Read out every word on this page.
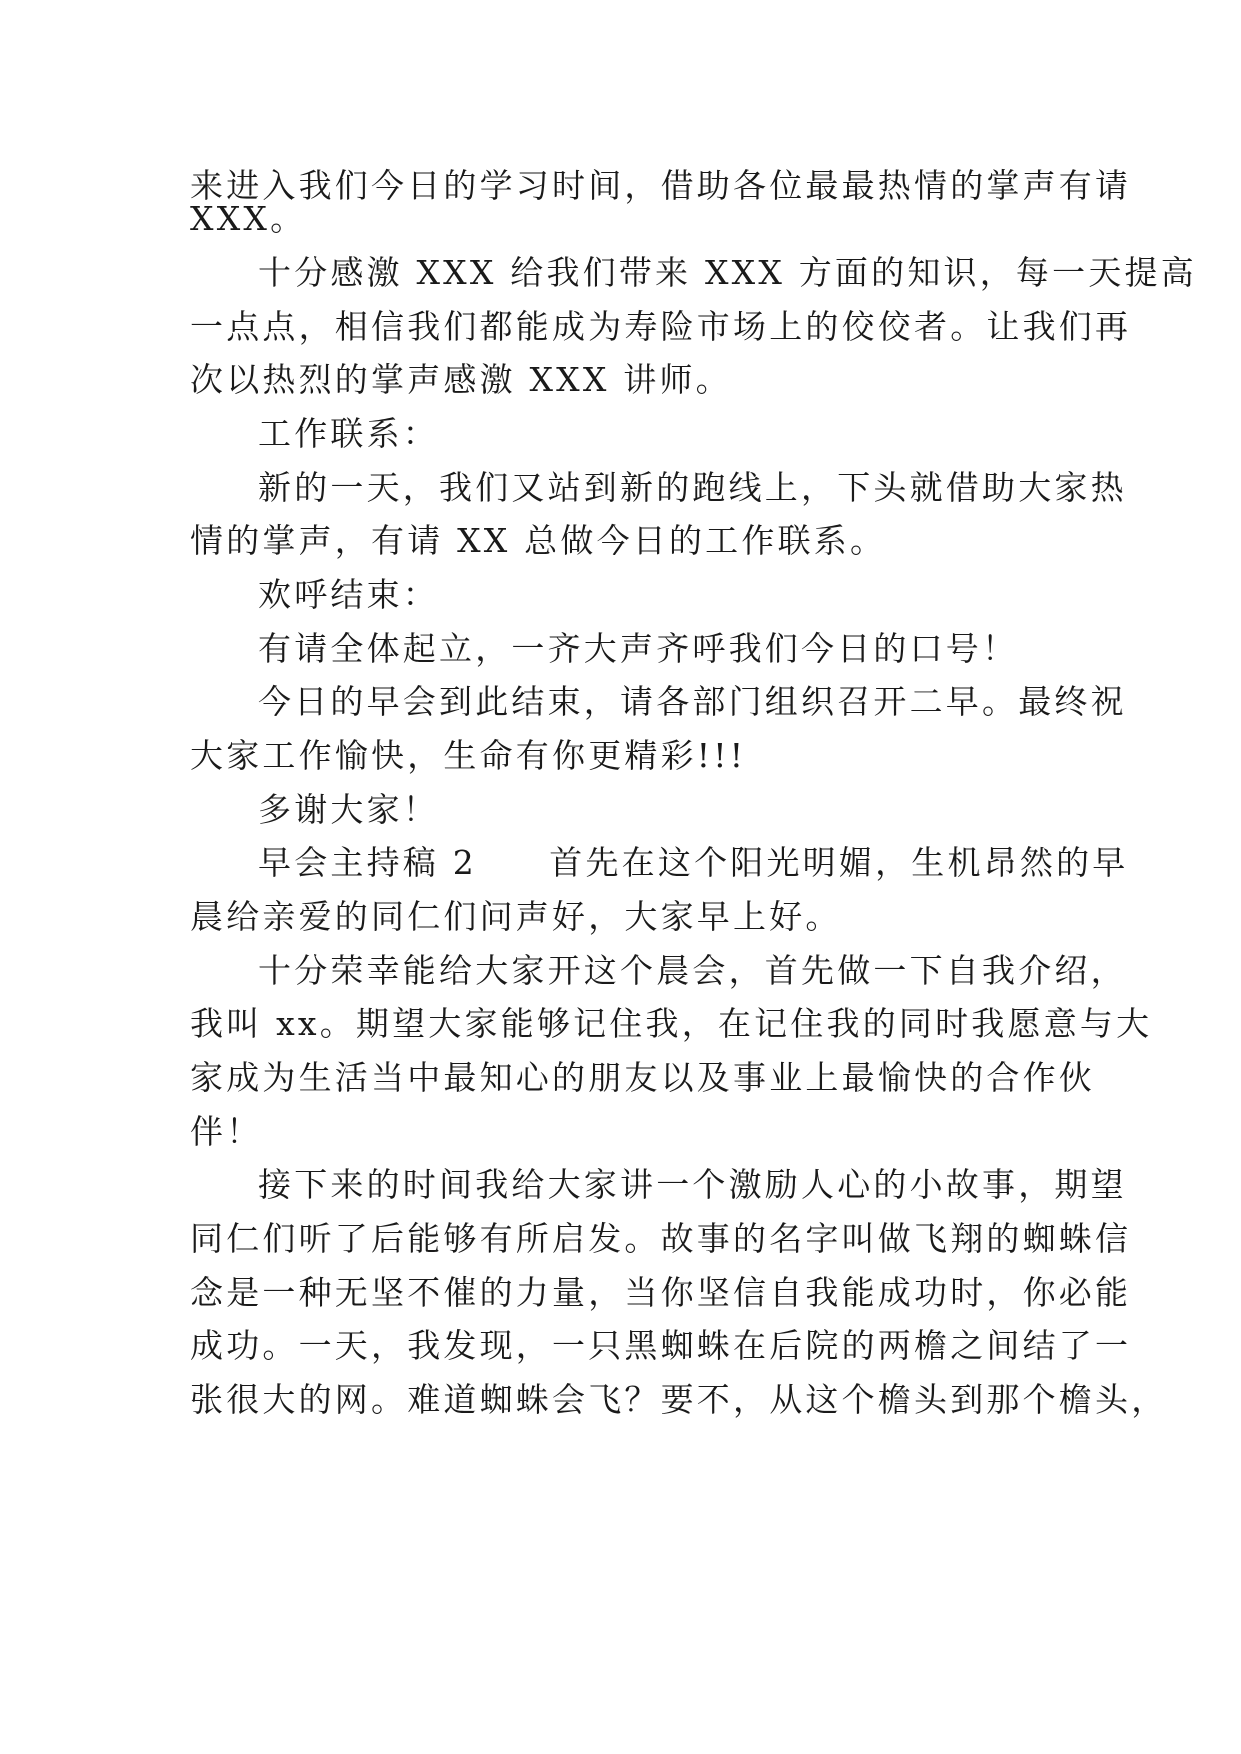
来进入我们今日的学习时间，借助各位最最热情的掌声有请
XXX。
十分感激 XXX 给我们带来 XXX 方面的知识，每一天提高
一点点，相信我们都能成为寿险市场上的佼佼者。让我们再
次以热烈的掌声感激 XXX 讲师。
工作联系：
新的一天，我们又站到新的跑线上，下头就借助大家热
情的掌声，有请 XX 总做今日的工作联系。
欢呼结束：
有请全体起立，一齐大声齐呼我们今日的口号！
今日的早会到此结束，请各部门组织召开二早。最终祝
大家工作愉快，生命有你更精彩!!!
多谢大家！
早会主持稿 2　　首先在这个阳光明媚，生机昂然的早
晨给亲爱的同仁们问声好，大家早上好。
十分荣幸能给大家开这个晨会，首先做一下自我介绍，
我叫 xx。期望大家能够记住我，在记住我的同时我愿意与大
家成为生活当中最知心的朋友以及事业上最愉快的合作伙
伴！
接下来的时间我给大家讲一个激励人心的小故事，期望
同仁们听了后能够有所启发。故事的名字叫做飞翔的蜘蛛信
念是一种无坚不催的力量，当你坚信自我能成功时，你必能
成功。一天，我发现，一只黑蜘蛛在后院的两檐之间结了一
张很大的网。难道蜘蛛会飞？要不，从这个檐头到那个檐头，
